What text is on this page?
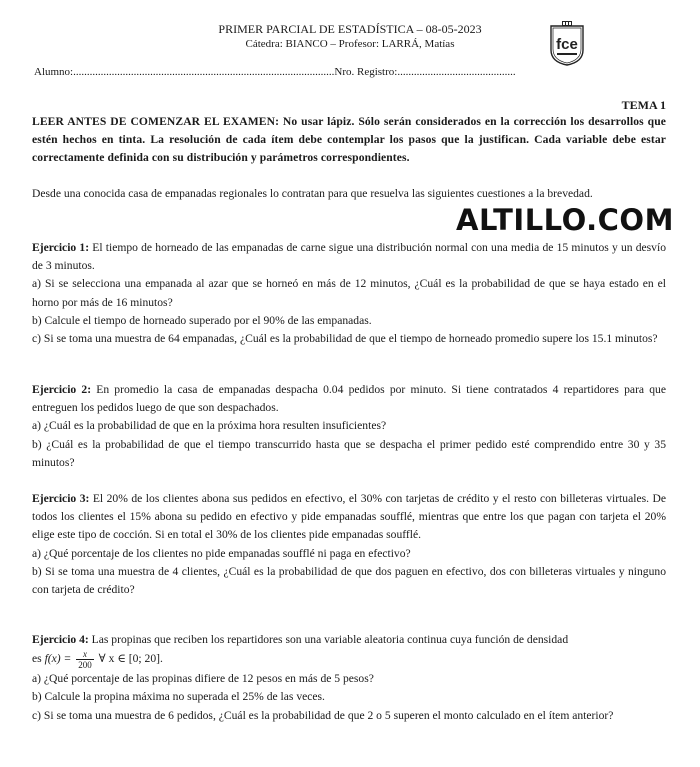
PRIMER PARCIAL DE ESTADÍSTICA – 08-05-2023
Cátedra: BIANCO – Profesor: LARRÁ, Matías	fce
Alumno:...............................................................................................Nro. Registro:...........................................
TEMA 1
LEER ANTES DE COMENZAR EL EXAMEN: No usar lápiz. Sólo serán considerados en la corrección los desarrollos que estén hechos en tinta. La resolución de cada ítem debe contemplar los pasos que la justifican. Cada variable debe estar correctamente definida con su distribución y parámetros correspondientes.
Desde una conocida casa de empanadas regionales lo contratan para que resuelva las siguientes cuestiones a la brevedad.
ALTILLO.COM

Ejercicio 1: El tiempo de horneado de las empanadas de carne sigue una distribución normal con una media de 15 minutos y un desvío de 3 minutos.

a) Si se selecciona una empanada al azar que se horneó en más de 12 minutos, ¿Cuál es la probabilidad de que se haya estado en el horno por más de 16 minutos?

b) Calcule el tiempo de horneado superado por el 90% de las empanadas.

c) Si se toma una muestra de 64 empanadas, ¿Cuál es la probabilidad de que el tiempo de horneado promedio supere los 15.1 minutos?

Ejercicio 2: En promedio la casa de empanadas despacha 0.04 pedidos por minuto. Si tiene contratados 4 repartidores para que entreguen los pedidos luego de que son despachados.

a) ¿Cuál es la probabilidad de que en la próxima hora resulten insuficientes?

b) ¿Cuál es la probabilidad de que el tiempo transcurrido hasta que se despacha el primer pedido esté comprendido entre 30 y 35 minutos?

Ejercicio 3: El 20% de los clientes abona sus pedidos en efectivo, el 30% con tarjetas de crédito y el resto con billeteras virtuales. De todos los clientes el 15% abona su pedido en efectivo y pide empanadas soufflé, mientras que entre los que pagan con tarjeta el 20% elige este tipo de cocción. Si en total el 30% de los clientes pide empanadas soufflé.

a) ¿Qué porcentaje de los clientes no pide empanadas soufflé ni paga en efectivo?

b) Si se toma una muestra de 4 clientes, ¿Cuál es la probabilidad de que dos paguen en efectivo, dos con billeteras virtuales y ninguno con tarjeta de crédito?

Ejercicio 4: Las propinas que reciben los repartidores son una variable aleatoria continua cuya función de densidad

es $f(x) = \frac{x}{200}$ ∀ x ∈ [0; 20].

a) ¿Qué porcentaje de las propinas difiere de 12 pesos en más de 5 pesos?

b) Calcule la propina máxima no superada el 25% de las veces.

c) Si se toma una muestra de 6 pedidos, ¿Cuál es la probabilidad de que 2 o 5 superen el monto calculado en el ítem anterior?
